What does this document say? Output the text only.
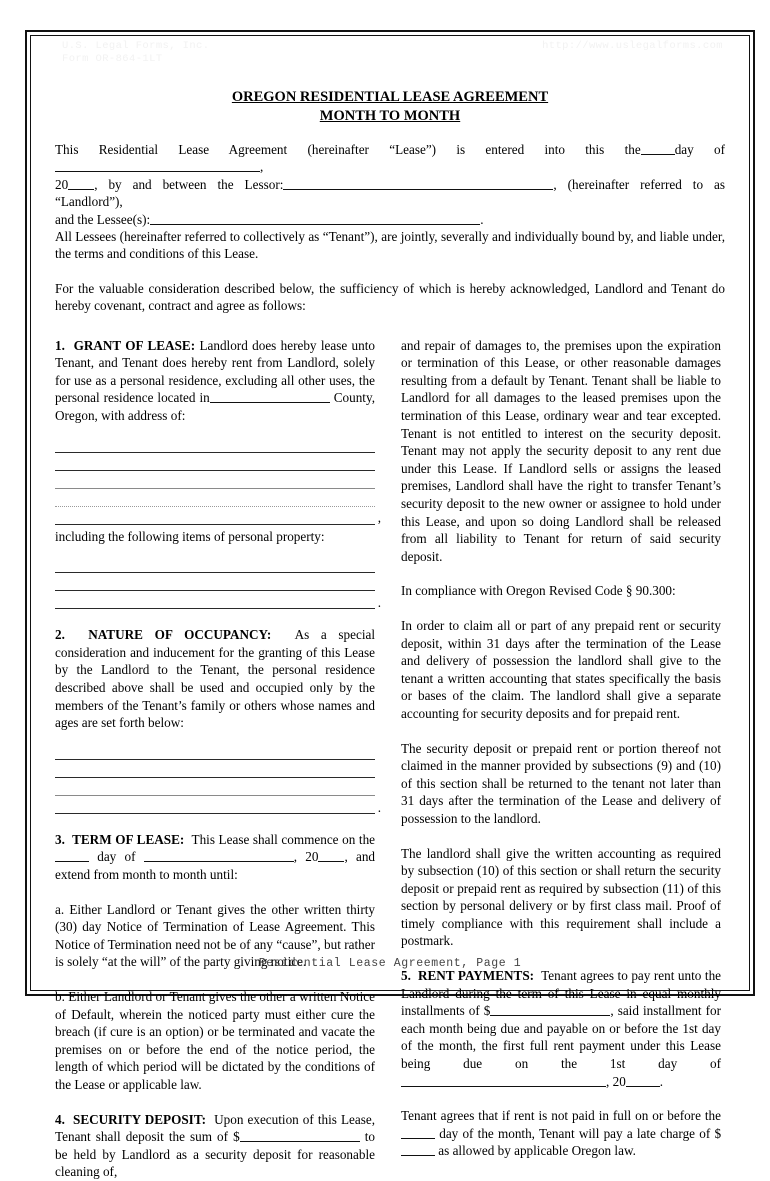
U.S. Legal Forms, Inc.
Form OR-864-1LT
http://www.uslegalforms.com
OREGON RESIDENTIAL LEASE AGREEMENT
MONTH TO MONTH

This Residential Lease Agreement (hereinafter “Lease”) is entered into this the	day of,
20 , by and between the Lessor:	, (hereinafter referred to as “Landlord”),
and the Lessee(s):	.

All Lessees (hereinafter referred to collectively as “Tenant”), are jointly, severally and individually bound by, and liable under, the terms and conditions of this Lease.

For the valuable consideration described below, the sufficiency of which is hereby acknowledged, Landlord and Tenant do hereby covenant, contract and agree as follows:

1. GRANT OF LEASE: Landlord does hereby lease unto Tenant, and Tenant does hereby rent from Landlord, solely for use as a personal residence, excluding all other uses, the personal residence located in	County, Oregon, with address of:

,

including the following items of personal property:

.

2. NATURE OF OCCUPANCY: As a special consideration and inducement for the granting of this Lease by the Landlord to the Tenant, the personal residence described above shall be used and occupied only by the members of the Tenant’s family or others whose names and ages are set forth below:

.

3. TERM OF LEASE: This Lease shall commence on the  day of	, 20 , and extend from month to month until:

a. Either Landlord or Tenant gives the other written thirty (30) day Notice of Termination of Lease Agreement. This Notice of Termination need not be of any “cause”, but rather is solely “at the will” of the party giving notice.

b. Either Landlord or Tenant gives the other a written Notice of Default, wherein the noticed party must either cure the breach (if cure is an option) or be terminated and vacate the premises on or before the end of the notice period, the length of which period will be dictated by the conditions of the Lease or applicable law.

4. SECURITY DEPOSIT: Upon execution of this Lease, Tenant shall deposit the sum of $	to be held by Landlord as a security deposit for reasonable cleaning of,

and repair of damages to, the premises upon the expiration or termination of this Lease, or other reasonable damages resulting from a default by Tenant. Tenant shall be liable to Landlord for all damages to the leased premises upon the termination of this Lease, ordinary wear and tear excepted. Tenant is not entitled to interest on the security deposit. Tenant may not apply the security deposit to any rent due under this Lease. If Landlord sells or assigns the leased premises, Landlord shall have the right to transfer Tenant’s security deposit to the new owner or assignee to hold under this Lease, and upon so doing Landlord shall be released from all liability to Tenant for return of said security deposit.

In compliance with Oregon Revised Code § 90.300:

In order to claim all or part of any prepaid rent or security deposit, within 31 days after the termination of the Lease and delivery of possession the landlord shall give to the tenant a written accounting that states specifically the basis or bases of the claim. The landlord shall give a separate accounting for security deposits and for prepaid rent.

The security deposit or prepaid rent or portion thereof not claimed in the manner provided by subsections (9) and (10) of this section shall be returned to the tenant not later than 31 days after the termination of the Lease and delivery of possession to the landlord.

The landlord shall give the written accounting as required by subsection (10) of this section or shall return the security deposit or prepaid rent as required by subsection (11) of this section by personal delivery or by first class mail. Proof of timely compliance with this requirement shall include a postmark.

5. RENT PAYMENTS: Tenant agrees to pay rent unto the Landlord during the term of this Lease in equal monthly installments of $	, said installment for each month being due and payable on or before the 1st day of the month, the first full rent payment under this Lease being due on the 1st day of , 20	.

Tenant agrees that if rent is not paid in full on or before the  day of the month, Tenant will pay a late charge of $ as allowed by applicable Oregon law.

Residential Lease Agreement, Page 1
